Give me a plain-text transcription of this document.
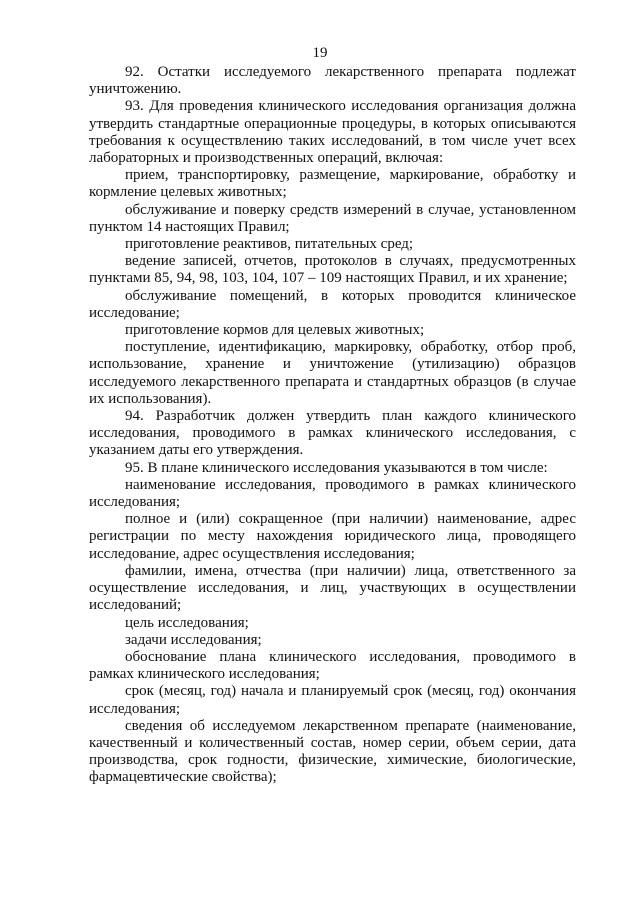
19

92. Остатки исследуемого лекарственного препарата подлежат уничтожению.

93. Для проведения клинического исследования организация должна утвердить стандартные операционные процедуры, в которых описываются требования к осуществлению таких исследований, в том числе учет всех лабораторных и производственных операций, включая:

прием, транспортировку, размещение, маркирование, обработку и кормление целевых животных;

обслуживание и поверку средств измерений в случае, установленном пунктом 14 настоящих Правил;

приготовление реактивов, питательных сред;

ведение записей, отчетов, протоколов в случаях, предусмотренных пунктами 85, 94, 98, 103, 104, 107 – 109 настоящих Правил, и их хранение;

обслуживание помещений, в которых проводится клиническое исследование;

приготовление кормов для целевых животных;

поступление, идентификацию, маркировку, обработку, отбор проб, использование, хранение и уничтожение (утилизацию) образцов исследуемого лекарственного препарата и стандартных образцов (в случае их использования).

94. Разработчик должен утвердить план каждого клинического исследования, проводимого в рамках клинического исследования, с указанием даты его утверждения.

95. В плане клинического исследования указываются в том числе:

наименование исследования, проводимого в рамках клинического исследования;

полное и (или) сокращенное (при наличии) наименование, адрес регистрации по месту нахождения юридического лица, проводящего исследование, адрес осуществления исследования;

фамилии, имена, отчества (при наличии) лица, ответственного за осуществление исследования, и лиц, участвующих в осуществлении исследований;

цель исследования;

задачи исследования;

обоснование плана клинического исследования, проводимого в рамках клинического исследования;

срок (месяц, год) начала и планируемый срок (месяц, год) окончания исследования;

сведения об исследуемом лекарственном препарате (наименование, качественный и количественный состав, номер серии, объем серии, дата производства, срок годности, физические, химические, биологические, фармацевтические свойства);
